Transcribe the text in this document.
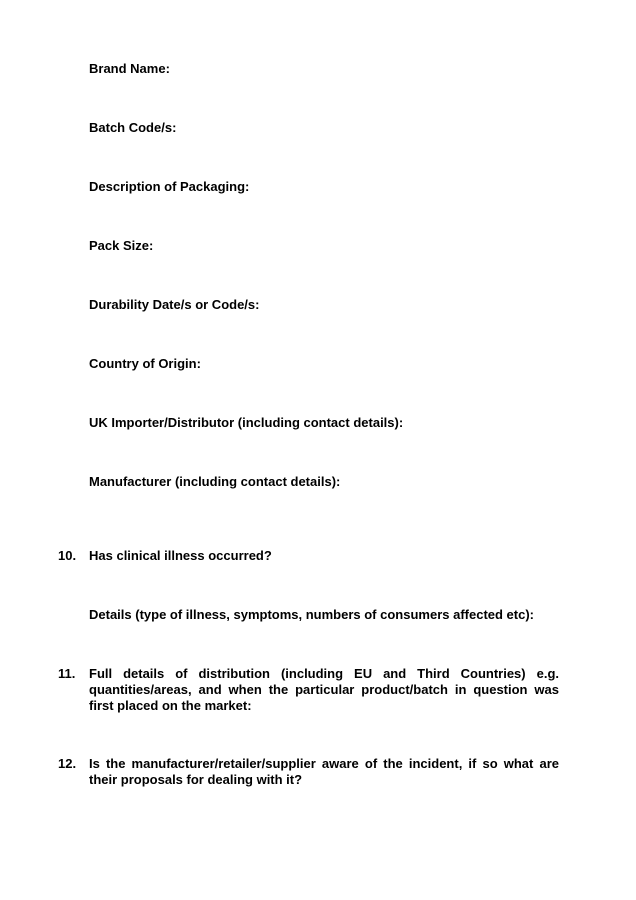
Brand Name:
Batch Code/s:
Description of Packaging:
Pack Size:
Durability Date/s or Code/s:
Country of Origin:
UK Importer/Distributor (including contact details):
Manufacturer (including contact details):
10. Has clinical illness occurred?
Details (type of illness, symptoms, numbers of consumers affected etc):
11. Full details of distribution (including EU and Third Countries) e.g. quantities/areas, and when the particular product/batch in question was first placed on the market:
12. Is the manufacturer/retailer/supplier aware of the incident, if so what are their proposals for dealing with it?
